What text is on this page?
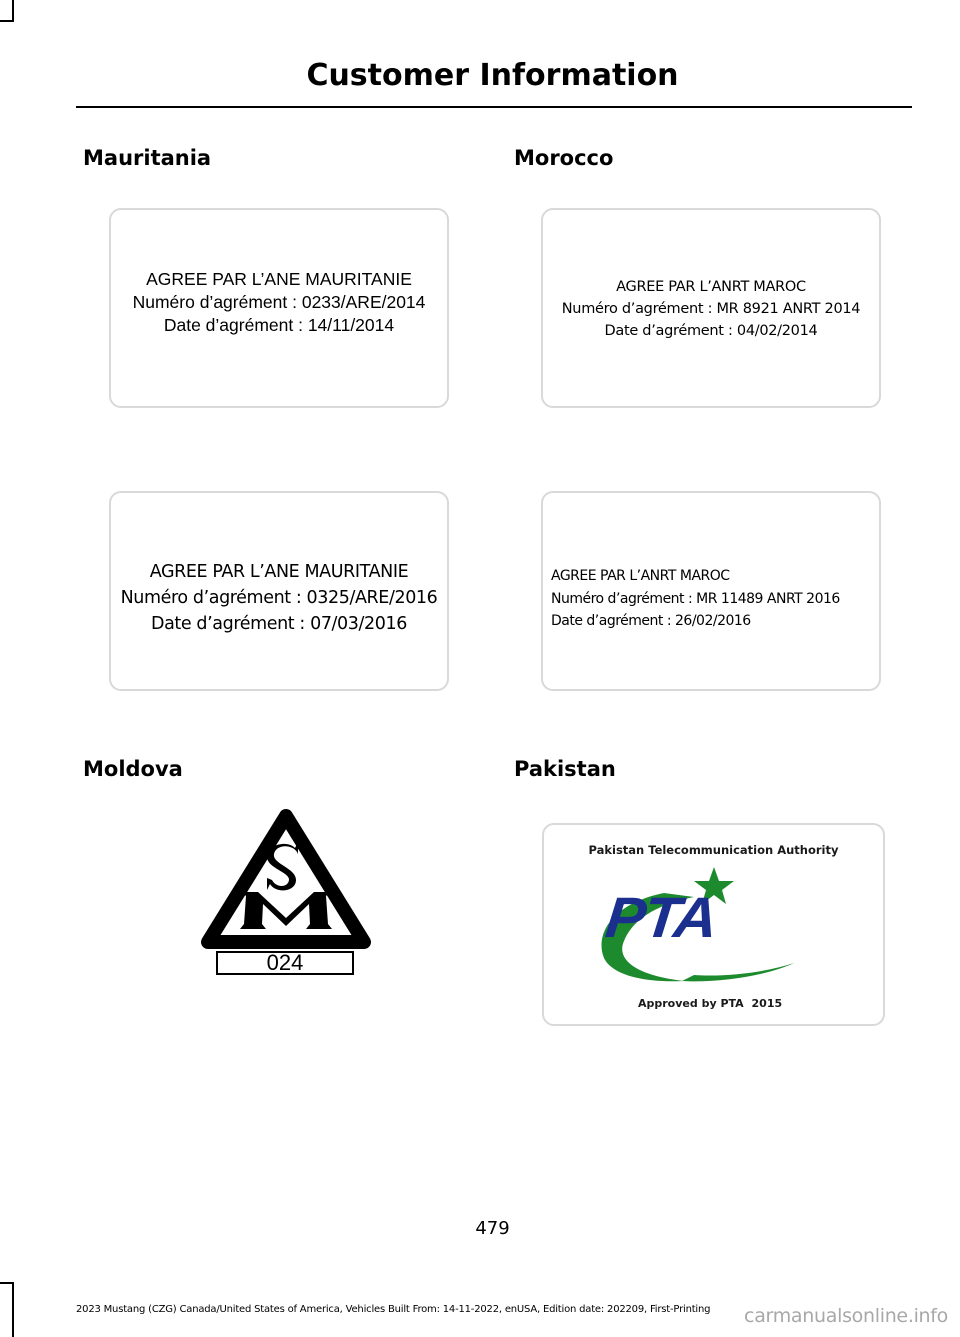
Customer Information
Mauritania	Morocco
AGREE PAR L’ANE MAURITANIE
Numéro d’agrément : 0233/ARE/2014
Date d’agrément : 14/11/2014
AGREE PAR L’ANRT MAROC
Numéro d’agrément : MR 8921 ANRT 2014
Date d’agrément : 04/02/2014
AGREE PAR L’ANE MAURITANIE
Numéro d’agrément : 0325/ARE/2016
Date d’agrément : 07/03/2016
AGREE PAR L’ANRT MAROC
Numéro d’agrément : MR 11489 ANRT 2016
Date d’agrément : 26/02/2016
Moldova	Pakistan
024
Pakistan Telecommunication Authority
PTA
Approved by PTA 2015
479
2023 Mustang (CZG) Canada/United States of America, Vehicles Built From: 14-11-2022, enUSA, Edition date: 202209, First-Printing carmanualsonline.info
